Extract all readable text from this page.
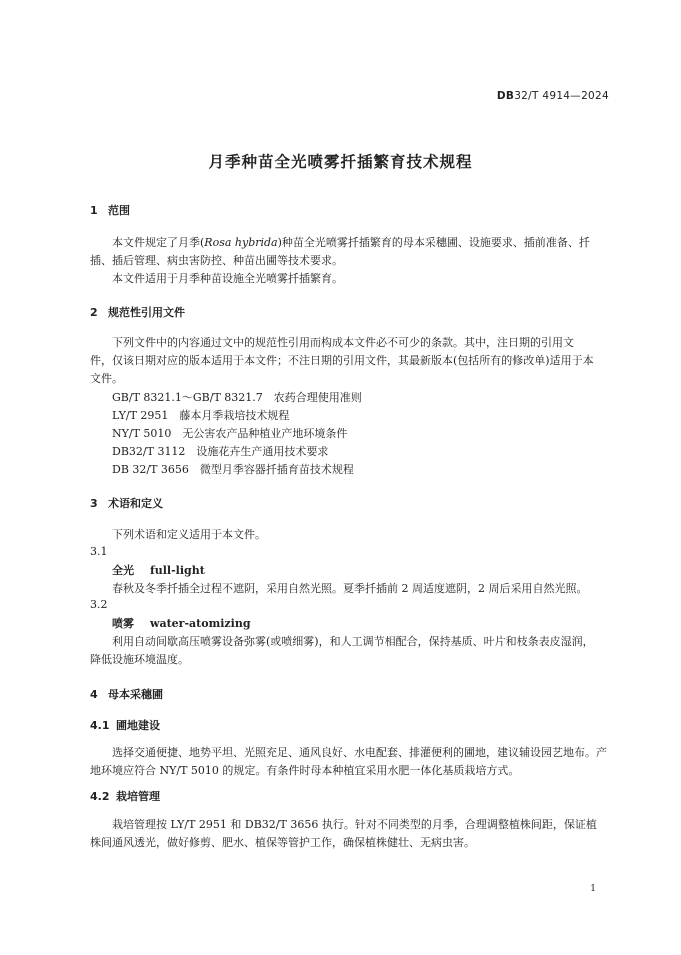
DB32/T 4914—2024
月季种苗全光喷雾扦插繁育技术规程
1 范围
本文件规定了月季(Rosa hybrida)种苗全光喷雾扦插繁育的母本采穗圃、设施要求、插前准备、扦
插、插后管理、病虫害防控、种苗出圃等技术要求。
本文件适用于月季种苗设施全光喷雾扦插繁育。
2 规范性引用文件
下列文件中的内容通过文中的规范性引用而构成本文件必不可少的条款。其中，注日期的引用文
件，仅该日期对应的版本适用于本文件；不注日期的引用文件，其最新版本(包括所有的修改单)适用于本
文件。
GB/T 8321.1～GB/T 8321.7　农药合理使用准则
LY/T 2951　藤本月季栽培技术规程
NY/T 5010　无公害农产品种植业产地环境条件
DB32/T 3112　设施花卉生产通用技术要求
DB 32/T 3656　微型月季容器扦插育苗技术规程
3 术语和定义
下列术语和定义适用于本文件。
3.1
全光 full-light
春秋及冬季扦插全过程不遮阴，采用自然光照。夏季扦插前 2 周适度遮阴，2 周后采用自然光照。
3.2
喷雾 water-atomizing
利用自动间歇高压喷雾设备弥雾(或喷细雾)，和人工调节相配合，保持基质、叶片和枝条表皮湿润，
降低设施环境温度。
4 母本采穗圃
4.1 圃地建设
选择交通便捷、地势平坦、光照充足、通风良好、水电配套、排灌便利的圃地，建议辅设园艺地布。产
地环境应符合 NY/T 5010 的规定。有条件时母本种植宜采用水肥一体化基质栽培方式。
4.2 栽培管理
栽培管理按 LY/T 2951 和 DB32/T 3656 执行。针对不同类型的月季，合理调整植株间距，保证植
株间通风透光，做好修剪、肥水、植保等管护工作，确保植株健壮、无病虫害。
1
